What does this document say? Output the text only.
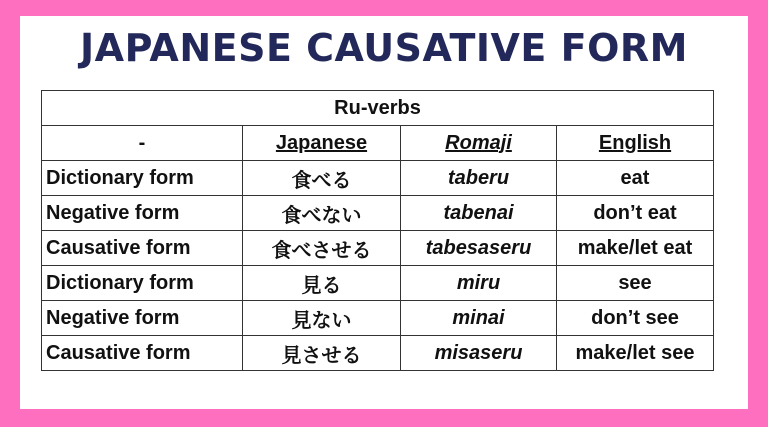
JAPANESE CAUSATIVE FORM
Ru-verbs			
-	Japanese	Romaji	English
Dictionary form	食べる	taberu	eat
Negative form	食べない	tabenai	don’t eat
Causative form	食べさせる	tabesaseru	make/let eat
Dictionary form	見る	miru	see
Negative form	見ない	minai	don’t see
Causative form	見させる	misaseru	make/let see
